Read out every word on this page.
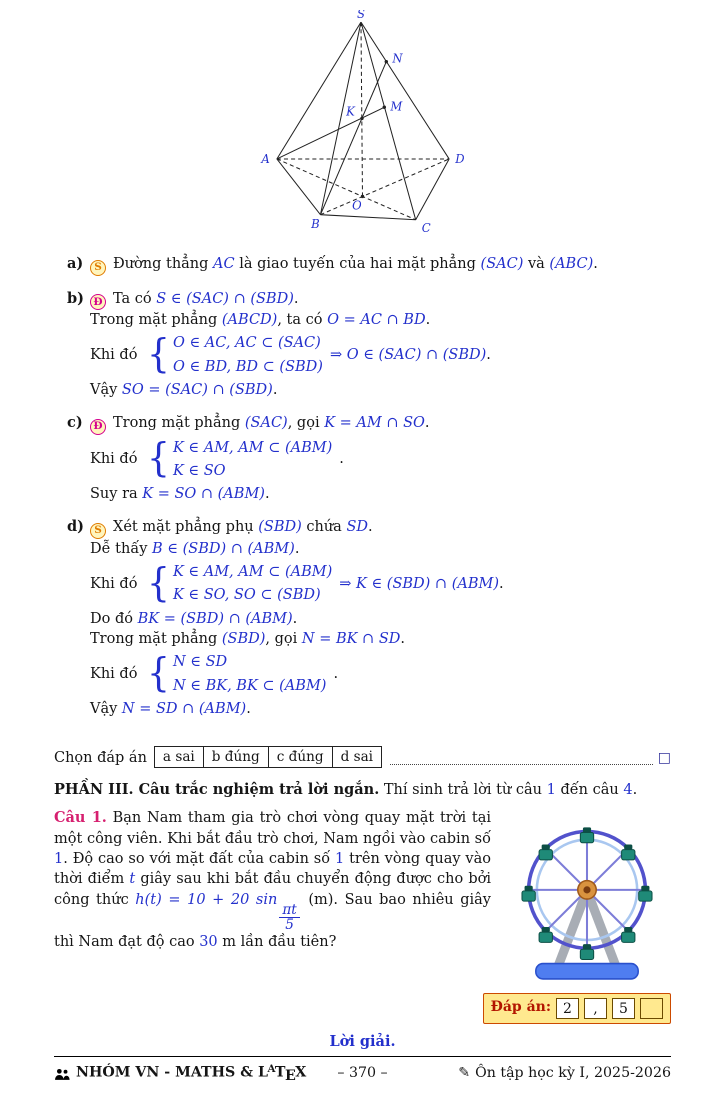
S
N
M
K
A	D
B
O
C
a) S Đường thẳng AC là giao tuyến của hai mặt phẳng (SAC) và (ABC).
b) Đ Ta có S ∈ (SAC) ∩ (SBD).
Trong mặt phẳng (ABCD), ta có O = AC ∩ BD.
Khi đó { O ∈ AC, AC ⊂ (SAC)
O ∈ BD, BD ⊂ (SBD)
⇒ O ∈ (SAC) ∩ (SBD).
Vậy SO = (SAC) ∩ (SBD).
c) Đ Trong mặt phẳng (SAC), gọi K = AM ∩ SO.
Khi đó { K ∈ AM, AM ⊂ (ABM)
K ∈ SO
.
Suy ra K = SO ∩ (ABM).
d) S Xét mặt phẳng phụ (SBD) chứa SD.
Dễ thấy B ∈ (SBD) ∩ (ABM).
Khi đó { K ∈ AM, AM ⊂ (ABM)
K ∈ SO, SO ⊂ (SBD)
⇒ K ∈ (SBD) ∩ (ABM).
Do đó BK = (SBD) ∩ (ABM).
Trong mặt phẳng (SBD), gọi N = BK ∩ SD.
Khi đó { N ∈ SD
N ∈ BK, BK ⊂ (ABM)
.
Vậy N = SD ∩ (ABM).
Chọn đáp án	a sai	b đúng	c đúng	d sai	□
PHẦN III. Câu trắc nghiệm trả lời ngắn. Thí sinh trả lời từ câu 1 đến câu 4.
Câu 1. Bạn Nam tham gia trò chơi vòng quay mặt trời tại một công viên. Khi bắt đầu trò chơi, Nam ngồi vào cabin số 1. Độ cao so với mặt đất của cabin số 1 trên vòng quay vào thời điểm t giây sau khi bắt đầu chuyển động được cho bởi công thức h(t) = 10 + 20 sin
$\frac{\pi t}{5}$
(m). Sau bao nhiêu giây thì Nam đạt độ cao 30 m lần đầu tiên?
Đáp án: 2	,	5
Lời giải.
NHÓM VN - MATHS & $L^ATEX - 370$ –	✎ Ôn tập học kỳ I, 2025-2026
